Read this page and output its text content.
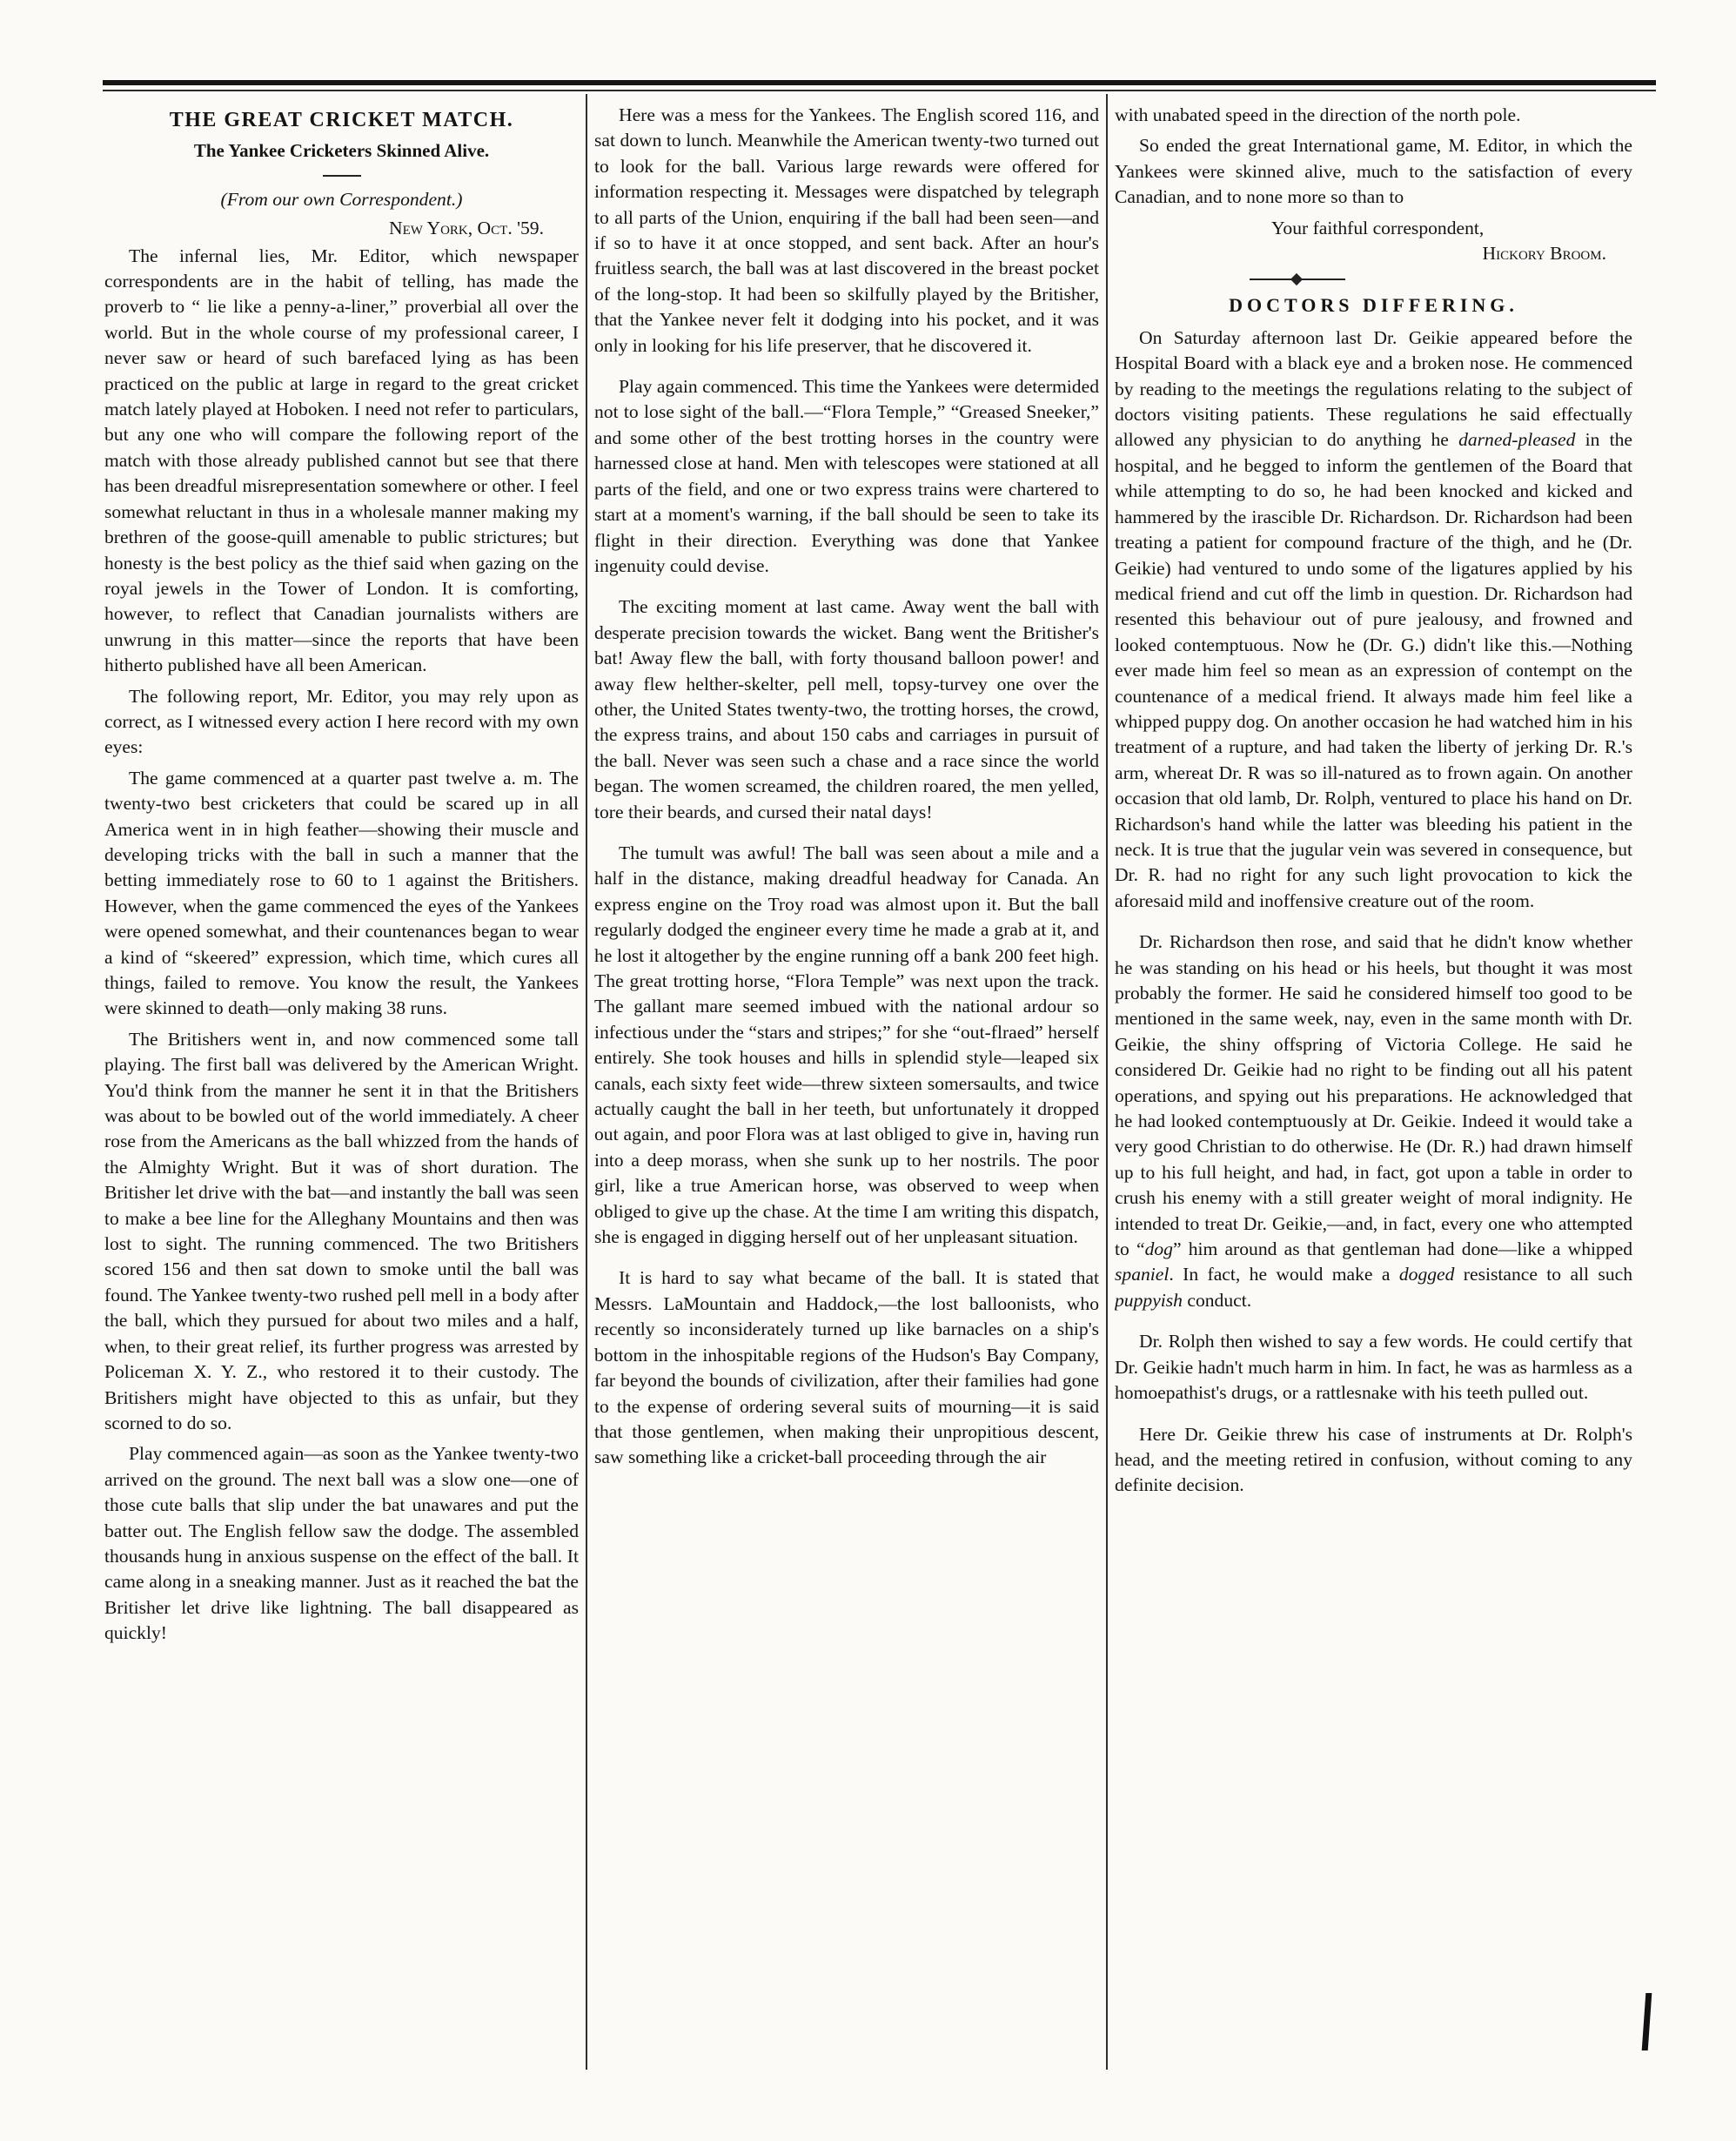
THE GREAT CRICKET MATCH.
The Yankee Cricketers Skinned Alive.
(From our own Correspondent.)
New York, Oct. '59.

The infernal lies, Mr. Editor, which newspaper correspondents are in the habit of telling, has made the proverb to “ lie like a penny-a-liner,” proverbial all over the world. But in the whole course of my professional career, I never saw or heard of such barefaced lying as has been practiced on the public at large in regard to the great cricket match lately played at Hoboken. I need not refer to particulars, but any one who will compare the following report of the match with those already published cannot but see that there has been dreadful misrepresentation somewhere or other. I feel somewhat reluctant in thus in a wholesale manner making my brethren of the goose-quill amenable to public strictures; but honesty is the best policy as the thief said when gazing on the royal jewels in the Tower of London. It is comforting, however, to reflect that Canadian journalists withers are unwrung in this matter—since the reports that have been hitherto published have all been American.

The following report, Mr. Editor, you may rely upon as correct, as I witnessed every action I here record with my own eyes:

The game commenced at a quarter past twelve a. m. The twenty-two best cricketers that could be scared up in all America went in in high feather—showing their muscle and developing tricks with the ball in such a manner that the betting immediately rose to 60 to 1 against the Britishers. However, when the game commenced the eyes of the Yankees were opened somewhat, and their countenances began to wear a kind of “skeered” expression, which time, which cures all things, failed to remove. You know the result, the Yankees were skinned to death—only making 38 runs.

The Britishers went in, and now commenced some tall playing. The first ball was delivered by the American Wright. You'd think from the manner he sent it in that the Britishers was about to be bowled out of the world immediately. A cheer rose from the Americans as the ball whizzed from the hands of the Almighty Wright. But it was of short duration. The Britisher let drive with the bat—and instantly the ball was seen to make a bee line for the Alleghany Mountains and then was lost to sight. The running commenced. The two Britishers scored 156 and then sat down to smoke until the ball was found. The Yankee twenty-two rushed pell mell in a body after the ball, which they pursued for about two miles and a half, when, to their great relief, its further progress was arrested by Policeman X. Y. Z., who restored it to their custody. The Britishers might have objected to this as unfair, but they scorned to do so.

Play commenced again—as soon as the Yankee twenty-two arrived on the ground. The next ball was a slow one—one of those cute balls that slip under the bat unawares and put the batter out. The English fellow saw the dodge. The assembled thousands hung in anxious suspense on the effect of the ball. It came along in a sneaking manner. Just as it reached the bat the Britisher let drive like lightning. The ball disappeared as quickly!

Here was a mess for the Yankees. The English scored 116, and sat down to lunch. Meanwhile the American twenty-two turned out to look for the ball. Various large rewards were offered for information respecting it. Messages were dispatched by telegraph to all parts of the Union, enquiring if the ball had been seen—and if so to have it at once stopped, and sent back. After an hour's fruitless search, the ball was at last discovered in the breast pocket of the long-stop. It had been so skilfully played by the Britisher, that the Yankee never felt it dodging into his pocket, and it was only in looking for his life preserver, that he discovered it.

Play again commenced. This time the Yankees were determided not to lose sight of the ball.—“Flora Temple,” “Greased Sneeker,” and some other of the best trotting horses in the country were harnessed close at hand. Men with telescopes were stationed at all parts of the field, and one or two express trains were chartered to start at a moment's warning, if the ball should be seen to take its flight in their direction. Everything was done that Yankee ingenuity could devise.

The exciting moment at last came. Away went the ball with desperate precision towards the wicket. Bang went the Britisher's bat! Away flew the ball, with forty thousand balloon power! and away flew helther-skelter, pell mell, topsy-turvey one over the other, the United States twenty-two, the trotting horses, the crowd, the express trains, and about 150 cabs and carriages in pursuit of the ball. Never was seen such a chase and a race since the world began. The women screamed, the children roared, the men yelled, tore their beards, and cursed their natal days!

The tumult was awful! The ball was seen about a mile and a half in the distance, making dreadful headway for Canada. An express engine on the Troy road was almost upon it. But the ball regularly dodged the engineer every time he made a grab at it, and he lost it altogether by the engine running off a bank 200 feet high. The great trotting horse, “Flora Temple” was next upon the track. The gallant mare seemed imbued with the national ardour so infectious under the “stars and stripes;” for she “out-flraed” herself entirely. She took houses and hills in splendid style—leaped six canals, each sixty feet wide—threw sixteen somersaults, and twice actually caught the ball in her teeth, but unfortunately it dropped out again, and poor Flora was at last obliged to give in, having run into a deep morass, when she sunk up to her nostrils. The poor girl, like a true American horse, was observed to weep when obliged to give up the chase. At the time I am writing this dispatch, she is engaged in digging herself out of her unpleasant situation.

It is hard to say what became of the ball. It is stated that Messrs. LaMountain and Haddock,—the lost balloonists, who recently so inconsiderately turned up like barnacles on a ship's bottom in the inhospitable regions of the Hudson's Bay Company, far beyond the bounds of civilization, after their families had gone to the expense of ordering several suits of mourning—it is said that those gentlemen, when making their unpropitious descent, saw something like a cricket-ball proceeding through the air

with unabated speed in the direction of the north pole.

So ended the great International game, M. Editor, in which the Yankees were skinned alive, much to the satisfaction of every Canadian, and to none more so than to

Your faithful correspondent,

Hickory Broom.

DOCTORS DIFFERING.

On Saturday afternoon last Dr. Geikie appeared before the Hospital Board with a black eye and a broken nose. He commenced by reading to the meetings the regulations relating to the subject of doctors visiting patients. These regulations he said effectually allowed any physician to do anything he darned-pleased in the hospital, and he begged to inform the gentlemen of the Board that while attempting to do so, he had been knocked and kicked and hammered by the irascible Dr. Richardson. Dr. Richardson had been treating a patient for compound fracture of the thigh, and he (Dr. Geikie) had ventured to undo some of the ligatures applied by his medical friend and cut off the limb in question. Dr. Richardson had resented this behaviour out of pure jealousy, and frowned and looked contemptuous. Now he (Dr. G.) didn't like this.—Nothing ever made him feel so mean as an expression of contempt on the countenance of a medical friend. It always made him feel like a whipped puppy dog. On another occasion he had watched him in his treatment of a rupture, and had taken the liberty of jerking Dr. R.'s arm, whereat Dr. R was so ill-natured as to frown again. On another occasion that old lamb, Dr. Rolph, ventured to place his hand on Dr. Richardson's hand while the latter was bleeding his patient in the neck. It is true that the jugular vein was severed in consequence, but Dr. R. had no right for any such light provocation to kick the aforesaid mild and inoffensive creature out of the room.

Dr. Richardson then rose, and said that he didn't know whether he was standing on his head or his heels, but thought it was most probably the former. He said he considered himself too good to be mentioned in the same week, nay, even in the same month with Dr. Geikie, the shiny offspring of Victoria College. He said he considered Dr. Geikie had no right to be finding out all his patent operations, and spying out his preparations. He acknowledged that he had looked contemptuously at Dr. Geikie. Indeed it would take a very good Christian to do otherwise. He (Dr. R.) had drawn himself up to his full height, and had, in fact, got upon a table in order to crush his enemy with a still greater weight of moral indignity. He intended to treat Dr. Geikie,—and, in fact, every one who attempted to “dog” him around as that gentleman had done—like a whipped spaniel. In fact, he would make a dogged resistance to all such puppyish conduct.

Dr. Rolph then wished to say a few words. He could certify that Dr. Geikie hadn't much harm in him. In fact, he was as harmless as a homoepathist's drugs, or a rattlesnake with his teeth pulled out.

Here Dr. Geikie threw his case of instruments at Dr. Rolph's head, and the meeting retired in confusion, without coming to any definite decision.
